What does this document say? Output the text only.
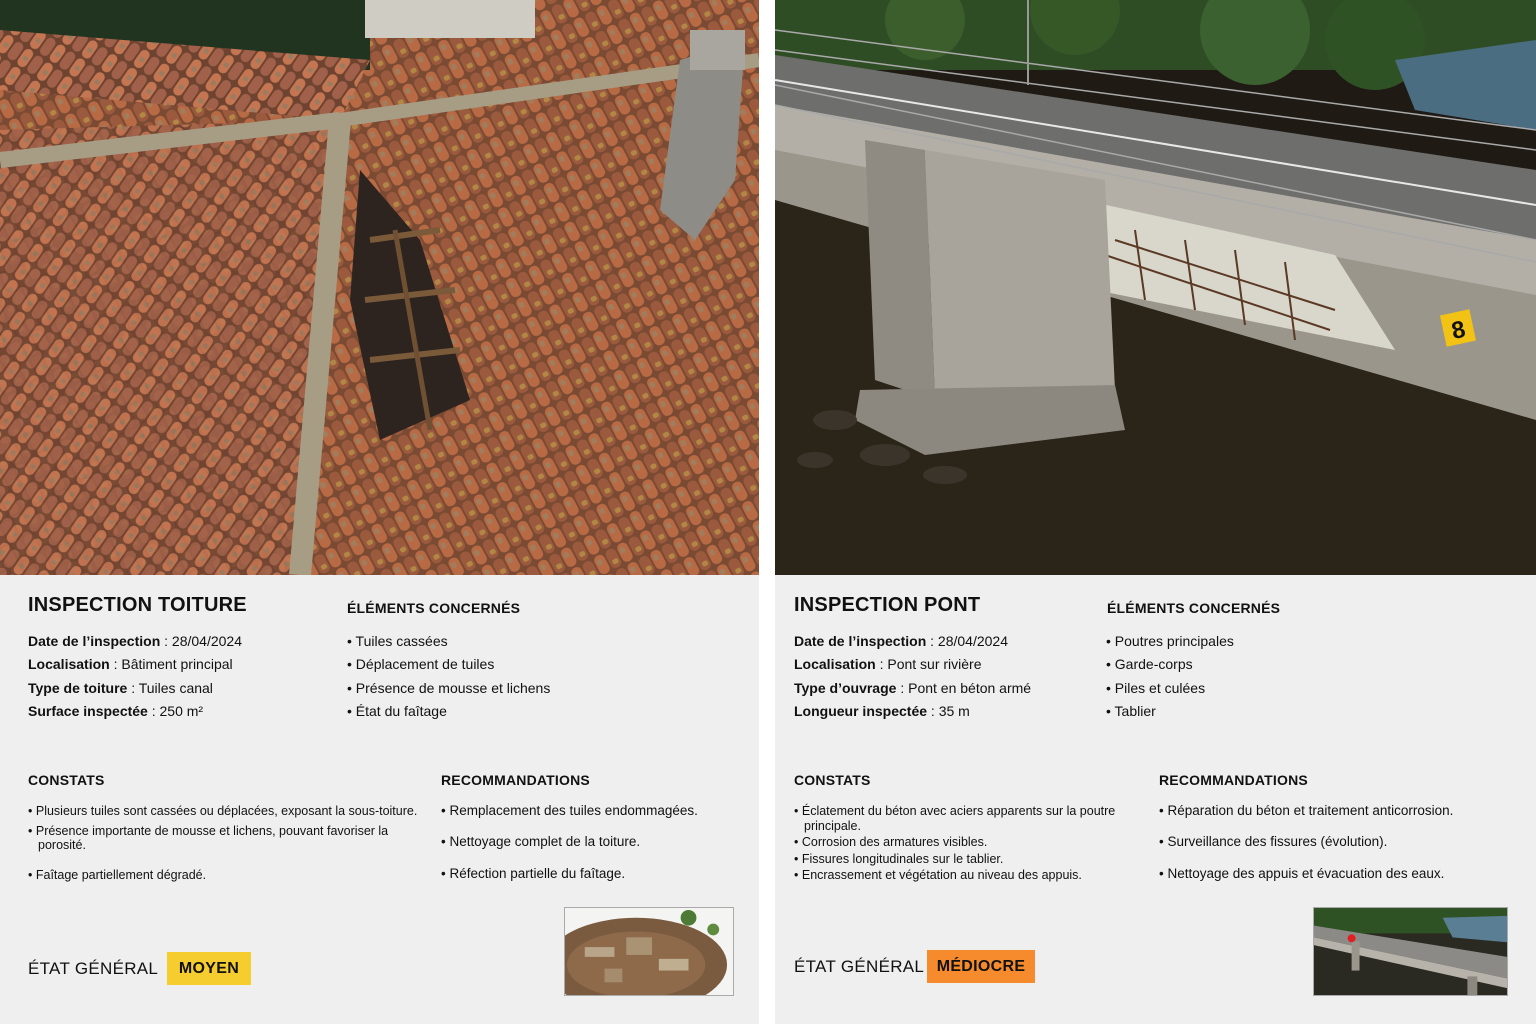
INSPECTION TOITURE	ÉLÉMENTS CONCERNÉS
Date de l’inspection : 28/04/2024
Localisation : Bâtiment principal
Type de toiture : Tuiles canal
Surface inspectée : 250 m²
• Tuiles cassées
• Déplacement de tuiles
• Présence de mousse et lichens
• État du faîtage
CONSTATS	RECOMMANDATIONS
• Plusieurs tuiles sont cassées ou déplacées, exposant la sous-toiture.
• Présence importante de mousse et lichens, pouvant favoriser la porosité.
• Faîtage partiellement dégradé.
• Remplacement des tuiles endommagées.
• Nettoyage complet de la toiture.
• Réfection partielle du faîtage.
ÉTAT GÉNÉRAL	MOYEN
8
INSPECTION PONT	ÉLÉMENTS CONCERNÉS
Date de l’inspection : 28/04/2024
Localisation : Pont sur rivière
Type d’ouvrage : Pont en béton armé
Longueur inspectée : 35 m
• Poutres principales
• Garde-corps
• Piles et culées
• Tablier
CONSTATS	RECOMMANDATIONS
• Éclatement du béton avec aciers apparents sur la poutre principale.
• Corrosion des armatures visibles.
• Fissures longitudinales sur le tablier.
• Encrassement et végétation au niveau des appuis.
• Réparation du béton et traitement anticorrosion.
• Surveillance des fissures (évolution).
• Nettoyage des appuis et évacuation des eaux.
ÉTAT GÉNÉRAL MÉDIOCRE
